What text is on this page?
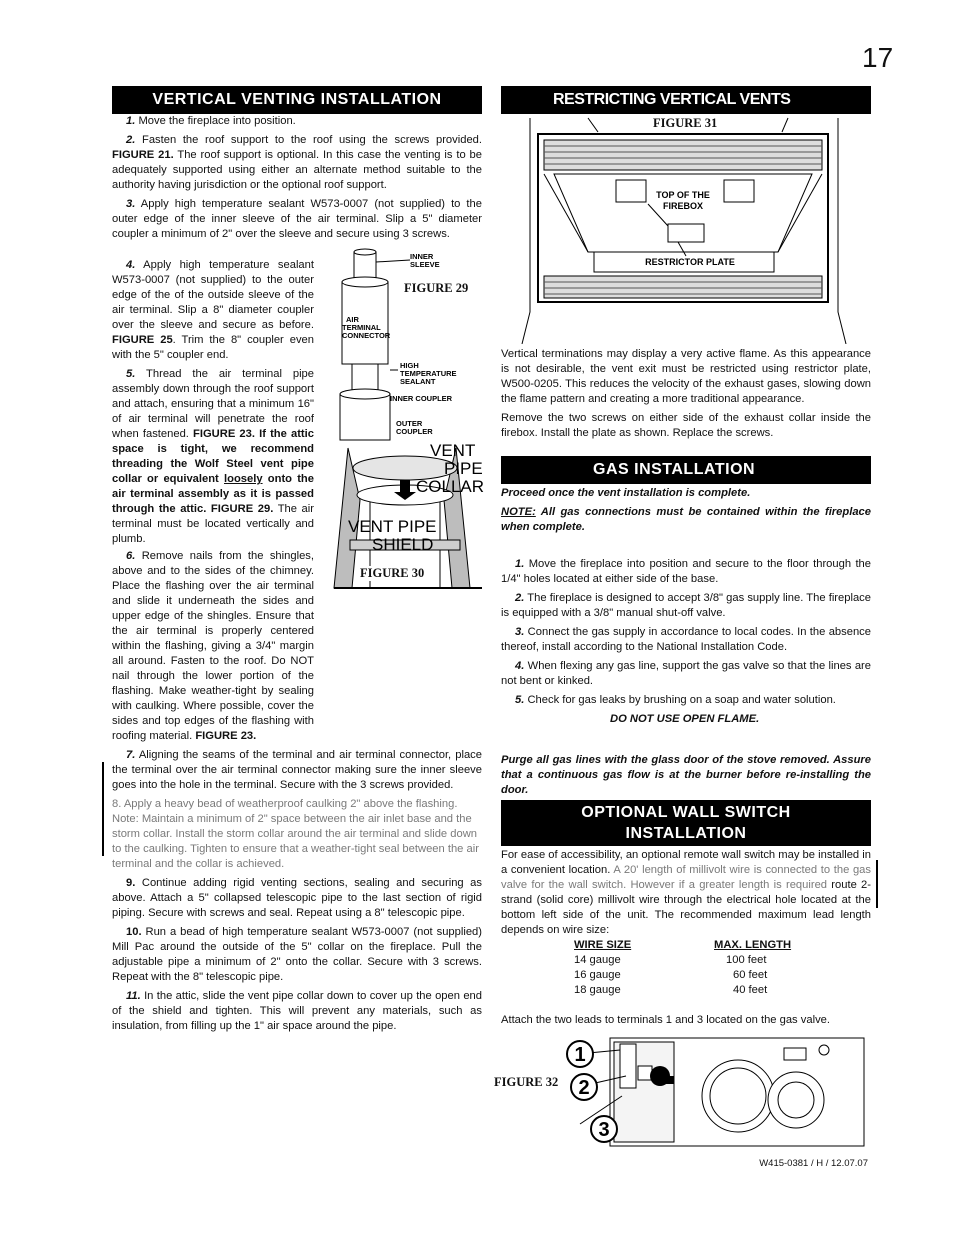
17
VERTICAL VENTING INSTALLATION

1. Move the fireplace into position.

2. Fasten the roof support to the roof using the screws provided. FIGURE 21. The roof support is optional. In this case the venting is to be adequately supported using either an alternate method suitable to the authority having jurisdiction or the optional roof support.

3. Apply high temperature sealant W573-0007 (not supplied) to the outer edge of the inner sleeve of the air terminal. Slip a 5" diameter coupler a minimum of 2" over the sleeve and secure using 3 screws.

4. Apply high temperature sealant W573-0007 (not supplied) to the outer edge of the of the outside sleeve of the air terminal. Slip a 8" diameter coupler over the sleeve and secure as before. FIGURE 25. Trim the 8" coupler even with the 5" coupler end.

5. Thread the air terminal pipe assembly down through the roof support and attach, ensuring that a minimum 16" of air terminal will penetrate the roof when fastened. FIGURE 23. If the attic space is tight, we recommend threading the Wolf Steel vent pipe collar or equivalent loosely onto the air terminal assembly as it is passed through the attic. FIGURE 29. The air terminal must be located vertically and plumb.

6. Remove nails from the shingles, above and to the sides of the chimney. Place the flashing over the air terminal and slide it underneath the sides and upper edge of the shingles. Ensure that the air terminal is properly centered within the flashing, giving a 3/4" margin all around. Fasten to the roof. Do NOT nail through the lower portion of the flashing. Make weather-tight by sealing with caulking. Where possible, cover the sides and top edges of the flashing with roofing material. FIGURE 23.

7. Aligning the seams of the terminal and air terminal connector, place the terminal over the air terminal connector making sure the inner sleeve goes into the hole in the terminal. Secure with the 3 screws provided.

8. Apply a heavy bead of weatherproof caulking 2" above the flashing. Note: Maintain a minimum of 2" space between the air inlet base and the storm collar. Install the storm collar around the air terminal and slide down to the caulking. Tighten to ensure that a weather-tight seal between the air terminal and the collar is achieved.

9. Continue adding rigid venting sections, sealing and securing as above. Attach a 5" collapsed telescopic pipe to the last section of rigid piping. Secure with screws and seal. Repeat using a 8" telescopic pipe.

10. Run a bead of high temperature sealant W573-0007 (not supplied) Mill Pac around the outside of the 5" collar on the fireplace. Pull the adjustable pipe a minimum of 2" onto the collar. Secure with 3 screws. Repeat with the 8" telescopic pipe.

11. In the attic, slide the vent pipe collar down to cover up the open end of the shield and tighten. This will prevent any materials, such as insulation, from filling up the 1" air space around the pipe.

INNER SLEEVE
AIR TERMINAL CONNECTOR
HIGH TEMPERATURE SEALANT
INNER COUPLER
OUTER COUPLER
FIGURE 29
VENT PIPE COLLAR
VENT PIPE SHIELD
FIGURE 30
RESTRICTING VERTICAL VENTS
TOP OF THE FIREBOX
RESTRICTOR PLATE
FIGURE 31

Vertical terminations may display a very active flame. As this appearance is not desirable, the vent exit must be restricted using restrictor plate, W500-0205. This reduces the velocity of the exhaust gases, slowing down the flame pattern and creating a more traditional appearance.

Remove the two screws on either side of the exhaust collar inside the firebox. Install the plate as shown. Replace the screws.

GAS INSTALLATION

Proceed once the vent installation is complete.

NOTE: All gas connections must be contained within the fireplace when complete.

1. Move the fireplace into position and secure to the floor through the 1/4" holes located at either side of the base.

2. The fireplace is designed to accept 3/8" gas supply line. The fireplace is equipped with a 3/8" manual shut-off valve.

3. Connect the gas supply in accordance to local codes. In the absence thereof, install according to the National Installation Code.

4. When flexing any gas line, support the gas valve so that the lines are not bent or kinked.

5. Check for gas leaks by brushing on a soap and water solution.

DO NOT USE OPEN FLAME.

Purge all gas lines with the glass door of the stove removed. Assure that a continuous gas flow is at the burner before re-installing the door.

OPTIONAL WALL SWITCH
INSTALLATION

For ease of accessibility, an optional remote wall switch may be installed in a convenient location. A 20' length of millivolt wire is connected to the gas valve for the wall switch. However if a greater length is required route 2-strand (solid core) millivolt wire through the electrical hole located at the bottom left side of the unit. The recommended maximum lead length depends on wire size:

WIRE SIZE	MAX. LENGTH
14 gauge	100 feet
16 gauge	60 feet
18 gauge	40 feet

Attach the two leads to terminals 1 and 3 located on the gas valve.

1
2
3
FIGURE 32
W415-0381 / H / 12.07.07
